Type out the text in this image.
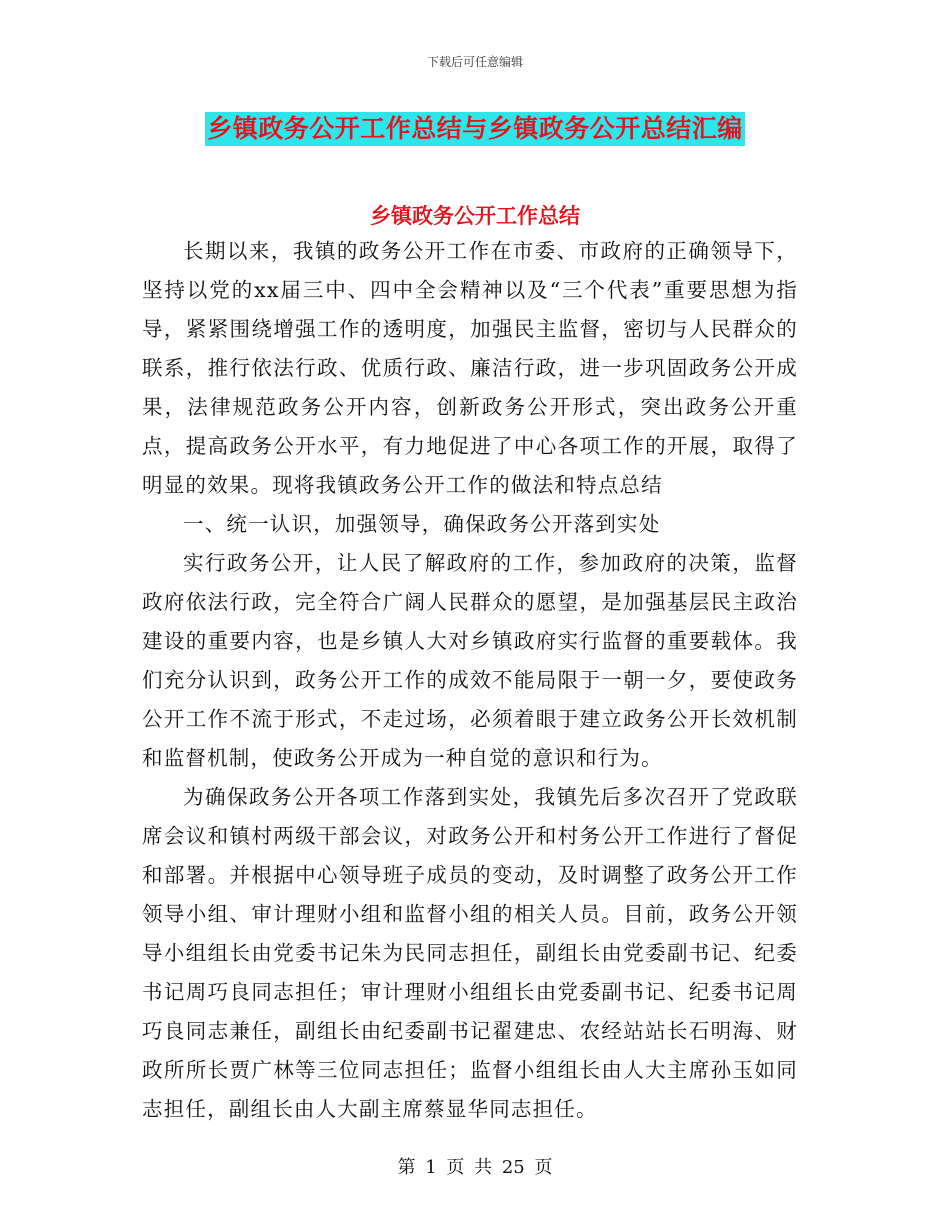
下载后可任意编辑
乡镇政务公开工作总结与乡镇政务公开总结汇编
乡镇政务公开工作总结

长期以来，我镇的政务公开工作在市委、市政府的正确领导下，坚持以党的xx届三中、四中全会精神以及“三个代表”重要思想为指导，紧紧围绕增强工作的透明度，加强民主监督，密切与人民群众的联系，推行依法行政、优质行政、廉洁行政，进一步巩固政务公开成果，法律规范政务公开内容，创新政务公开形式，突出政务公开重点，提高政务公开水平，有力地促进了中心各项工作的开展，取得了明显的效果。现将我镇政务公开工作的做法和特点总结

一、统一认识，加强领导，确保政务公开落到实处

实行政务公开，让人民了解政府的工作，参加政府的决策，监督政府依法行政，完全符合广阔人民群众的愿望，是加强基层民主政治建设的重要内容，也是乡镇人大对乡镇政府实行监督的重要载体。我们充分认识到，政务公开工作的成效不能局限于一朝一夕，要使政务公开工作不流于形式，不走过场，必须着眼于建立政务公开长效机制和监督机制，使政务公开成为一种自觉的意识和行为。

为确保政务公开各项工作落到实处，我镇先后多次召开了党政联席会议和镇村两级干部会议，对政务公开和村务公开工作进行了督促和部署。并根据中心领导班子成员的变动，及时调整了政务公开工作领导小组、审计理财小组和监督小组的相关人员。目前，政务公开领导小组组长由党委书记朱为民同志担任，副组长由党委副书记、纪委书记周巧良同志担任；审计理财小组组长由党委副书记、纪委书记周巧良同志兼任，副组长由纪委副书记翟建忠、农经站站长石明海、财政所所长贾广林等三位同志担任；监督小组组长由人大主席孙玉如同志担任，副组长由人大副主席蔡显华同志担任。

第 1 页 共 25 页
